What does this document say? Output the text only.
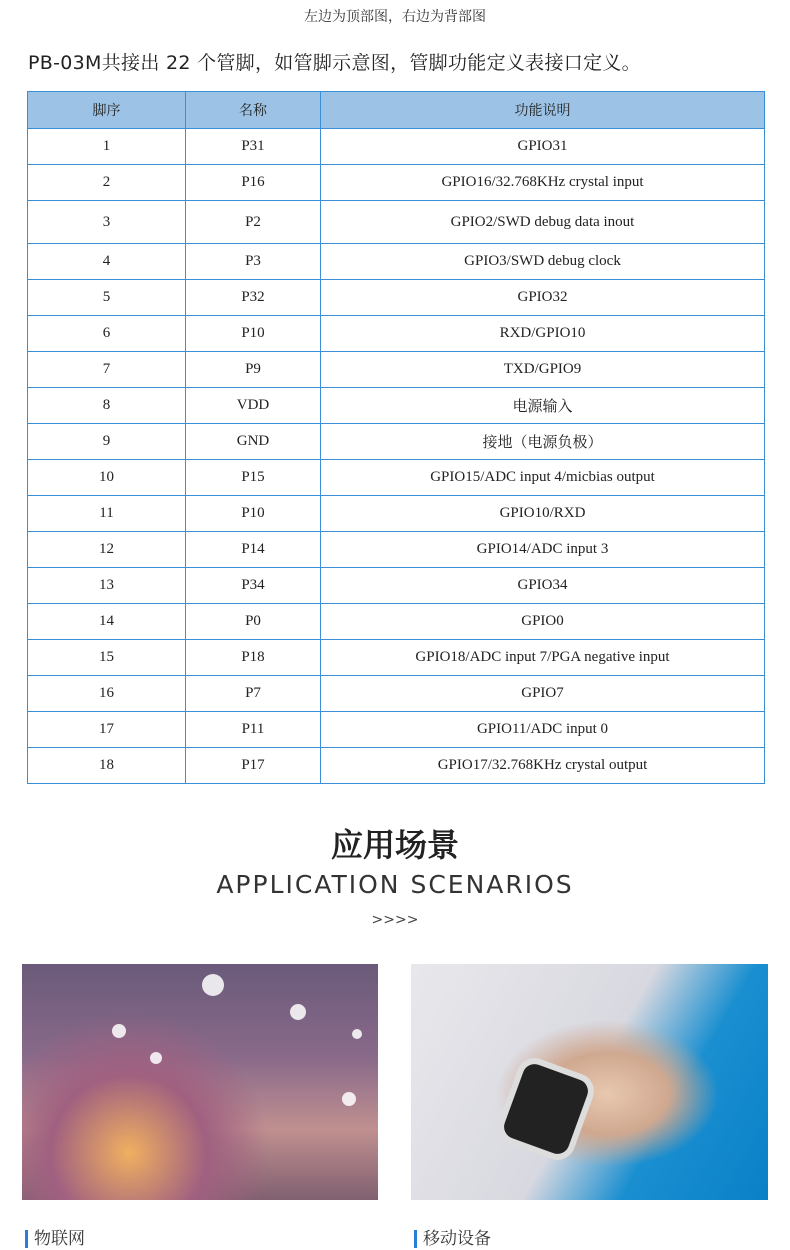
左边为顶部图，右边为背部图
PB-03M共接出 22 个管脚，如管脚示意图，管脚功能定义表接口定义。
脚序	名称	功能说明
1	P31	GPIO31
2	P16	GPIO16/32.768KHz crystal input
3	P2	GPIO2/SWD debug data inout
4	P3	GPIO3/SWD debug clock
5	P32	GPIO32
6	P10	RXD/GPIO10
7	P9	TXD/GPIO9
8	VDD	电源输入
9	GND	接地（电源负极）
10	P15	GPIO15/ADC input 4/micbias output
11	P10	GPIO10/RXD
12	P14	GPIO14/ADC input 3
13	P34	GPIO34
14	P0	GPIO0
15	P18	GPIO18/ADC input 7/PGA negative input
16	P7	GPIO7
17	P11	GPIO11/ADC input 0
18	P17	GPIO17/32.768KHz crystal output
应用场景
APPLICATION SCENARIOS
>>>>
物联网	移动设备
